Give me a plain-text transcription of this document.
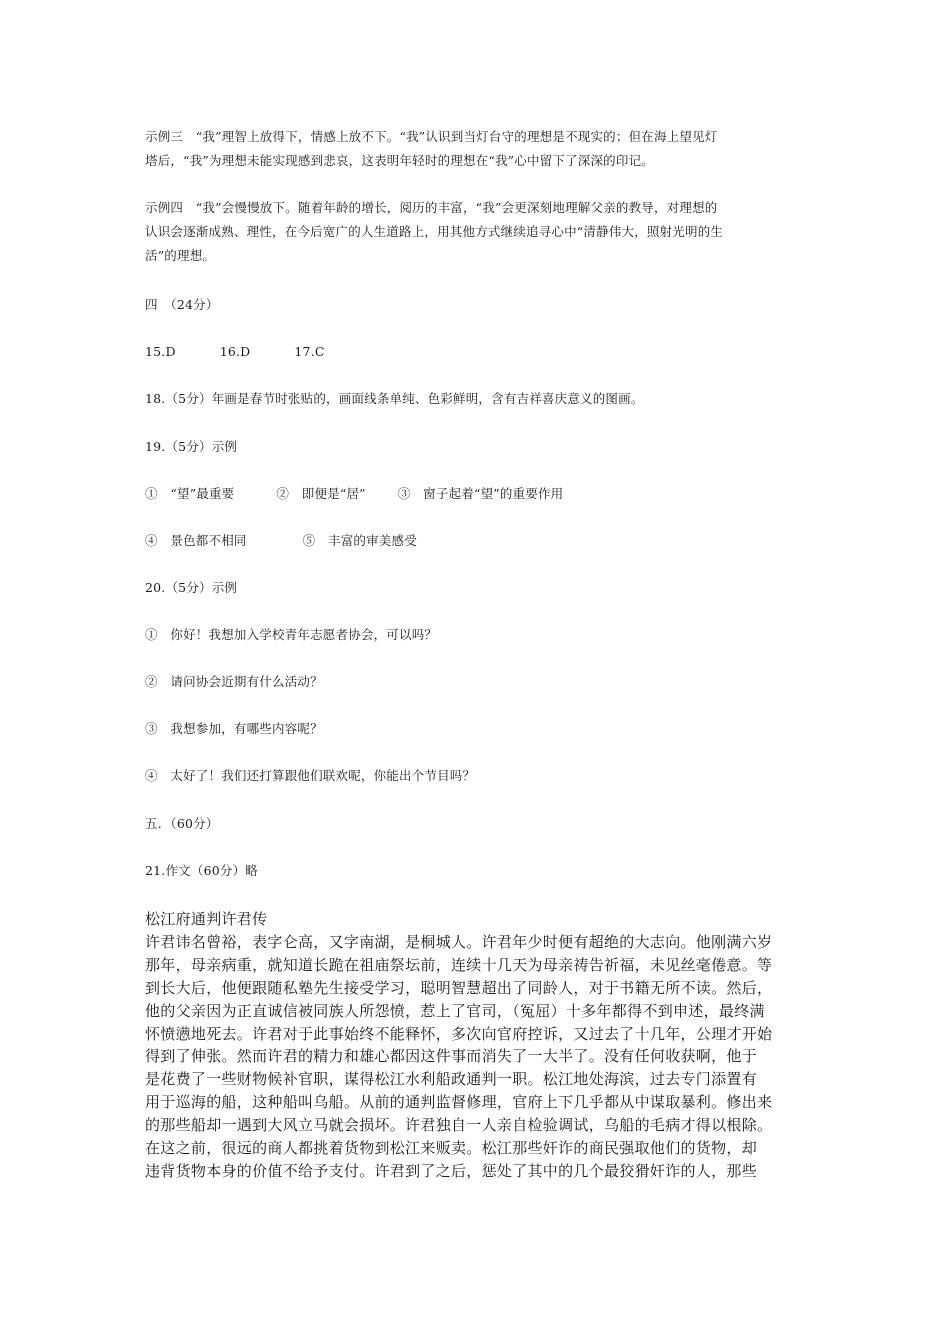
示例三　“我”理智上放得下，情感上放不下。“我”认识到当灯台守的理想是不现实的；但在海上望见灯
塔后，“我”为理想未能实现感到悲哀，这表明年轻时的理想在“我”心中留下了深深的印记。
示例四　“我”会慢慢放下。随着年龄的增长，阅历的丰富，“我”会更深刻地理解父亲的教导，对理想的
认识会逐渐成熟、理性，在今后宽广的人生道路上，用其他方式继续追寻心中“清静伟大，照射光明的生
活”的理想。
四　（24分）
15.D	16.D	17.C
18.（5分）年画是春节时张贴的，画面线条单纯、色彩鲜明，含有吉祥喜庆意义的图画。
19.（5分）示例
①　“望”最重要	②　即便是“居”	③　窗子起着“望”的重要作用
④　景色都不相同	⑤　丰富的审美感受
20.（5分）示例
①　你好！我想加入学校青年志愿者协会，可以吗？
②　请问协会近期有什么活动？
③　我想参加，有哪些内容呢？
④　太好了！我们还打算跟他们联欢呢，你能出个节目吗？
五．（60分）
21.作文（60分）略
松江府通判许君传
许君讳名曾裕，表字仑高，又字南湖，是桐城人。许君年少时便有超绝的大志向。他刚满六岁
那年，母亲病重，就知道长跪在祖庙祭坛前，连续十几天为母亲祷告祈福，未见丝毫倦意。等
到长大后，他便跟随私塾先生接受学习，聪明智慧超出了同龄人，对于书籍无所不读。然后，
他的父亲因为正直诚信被同族人所怨愤，惹上了官司，（冤屈）十多年都得不到申述，最终满
怀愤懑地死去。许君对于此事始终不能释怀，多次向官府控诉，又过去了十几年，公理才开始
得到了伸张。然而许君的精力和雄心都因这件事而消失了一大半了。没有任何收获啊，他于
是花费了一些财物候补官职，谋得松江水利船政通判一职。松江地处海滨，过去专门添置有
用于巡海的船，这种船叫乌船。从前的通判监督修理，官府上下几乎都从中谋取暴利。修出来
的那些船却一遇到大风立马就会损坏。许君独自一人亲自检验调试，乌船的毛病才得以根除。
在这之前，很远的商人都挑着货物到松江来贩卖。松江那些奸诈的商民强取他们的货物，却
违背货物本身的价值不给予支付。许君到了之后，惩处了其中的几个最狡猾奸诈的人，那些
